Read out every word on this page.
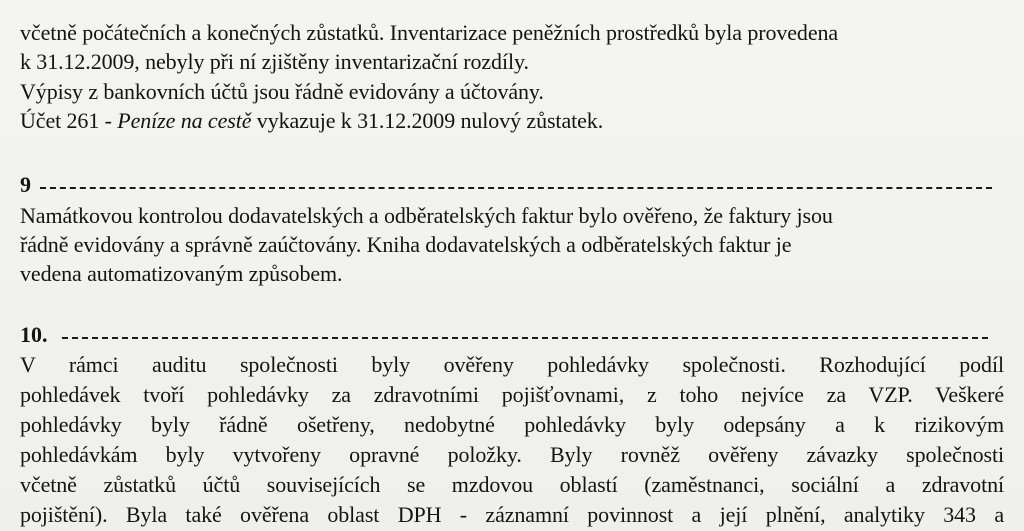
včetně počátečních a konečných zůstatků. Inventarizace peněžních prostředků byla provedena
k 31.12.2009, nebyly při ní zjištěny inventarizační rozdíly.
Výpisy z bankovních účtů jsou řádně evidovány a účtovány.
Účet 261 - Peníze na cestě vykazuje k 31.12.2009 nulový zůstatek.
9
Namátkovou kontrolou dodavatelských a odběratelských faktur bylo ověřeno, že faktury jsou
řádně evidovány a správně zaúčtovány. Kniha dodavatelských a odběratelských faktur je
vedena automatizovaným způsobem.
10.
V rámci auditu společnosti byly ověřeny pohledávky společnosti. Rozhodující podíl
pohledávek tvoří pohledávky za zdravotními pojišťovnami, z toho nejvíce za VZP. Veškeré
pohledávky byly řádně ošetřeny, nedobytné pohledávky byly odepsány a k rizikovým
pohledávkám byly vytvořeny opravné položky. Byly rovněž ověřeny závazky společnosti
včetně zůstatků účtů souvisejících se mzdovou oblastí (zaměstnanci, sociální a zdravotní
pojištění). Byla také ověřena oblast DPH - záznamní povinnost a její plnění, analytiky 343 a
